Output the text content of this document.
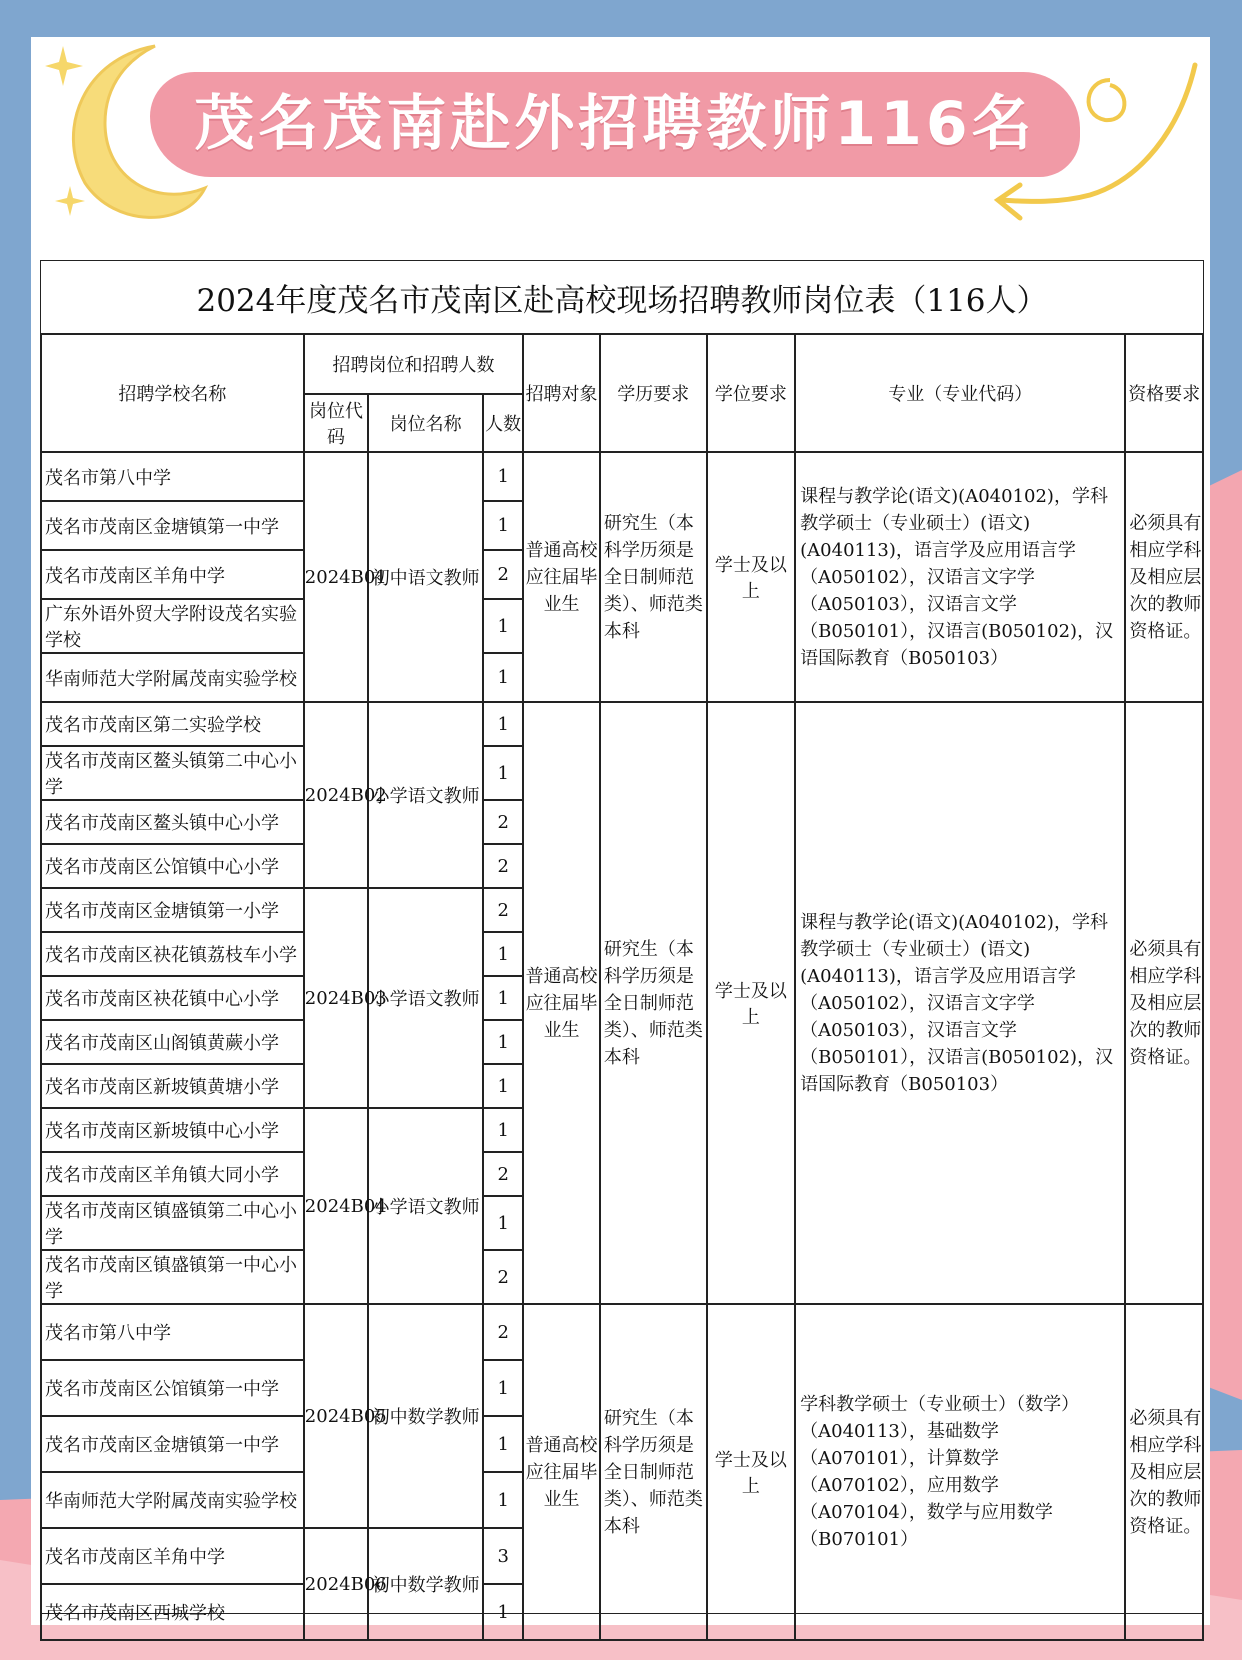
茂名茂南赴外招聘教师116名
2024年度茂名市茂南区赴高校现场招聘教师岗位表（116人）
招聘学校名称	招聘岗位和招聘人数			招聘对象	学历要求	学位要求	专业（专业代码）	资格要求
	岗位代码	岗位名称	人数					
茂名市第八中学	2024B01	初中语文教师	1	普通高校应往届毕业生	研究生（本科学历须是全日制师范类）、师范类本科	学士及以上	课程与教学论(语文)(A040102)，学科教学硕士（专业硕士）(语文)(A040113)，语言学及应用语言学（A050102），汉语言文字学（A050103），汉语言文学（B050101），汉语言(B050102)，汉语国际教育（B050103）	必须具有相应学科及相应层次的教师资格证。
茂名市茂南区金塘镇第一中学			1					
茂名市茂南区羊角中学			2					
广东外语外贸大学附设茂名实验学校			1					
华南师范大学附属茂南实验学校			1					
茂名市茂南区第二实验学校	2024B02	小学语文教师	1	普通高校应往届毕业生	研究生（本科学历须是全日制师范类）、师范类本科	学士及以上	课程与教学论(语文)(A040102)，学科教学硕士（专业硕士）(语文)(A040113)，语言学及应用语言学（A050102），汉语言文字学（A050103），汉语言文学（B050101），汉语言(B050102)，汉语国际教育（B050103）	必须具有相应学科及相应层次的教师资格证。
茂名市茂南区鳌头镇第二中心小学			1					
茂名市茂南区鳌头镇中心小学			2					
茂名市茂南区公馆镇中心小学			2					
茂名市茂南区金塘镇第一小学	2024B03	小学语文教师	2					
茂名市茂南区袂花镇荔枝车小学			1					
茂名市茂南区袂花镇中心小学			1					
茂名市茂南区山阁镇黄蕨小学			1					
茂名市茂南区新坡镇黄塘小学			1					
茂名市茂南区新坡镇中心小学	2024B04	小学语文教师	1					
茂名市茂南区羊角镇大同小学			2					
茂名市茂南区镇盛镇第二中心小学			1					
茂名市茂南区镇盛镇第一中心小学			2					
茂名市第八中学	2024B05	初中数学教师	2	普通高校应往届毕业生	研究生（本科学历须是全日制师范类）、师范类本科	学士及以上	学科教学硕士（专业硕士）（数学）（A040113），基础数学（A070101），计算数学（A070102），应用数学（A070104），数学与应用数学（B070101）	必须具有相应学科及相应层次的教师资格证。
茂名市茂南区公馆镇第一中学			1					
茂名市茂南区金塘镇第一中学			1					
华南师范大学附属茂南实验学校			1					
茂名市茂南区羊角中学	2024B06	初中数学教师	3					
茂名市茂南区西城学校			1					
